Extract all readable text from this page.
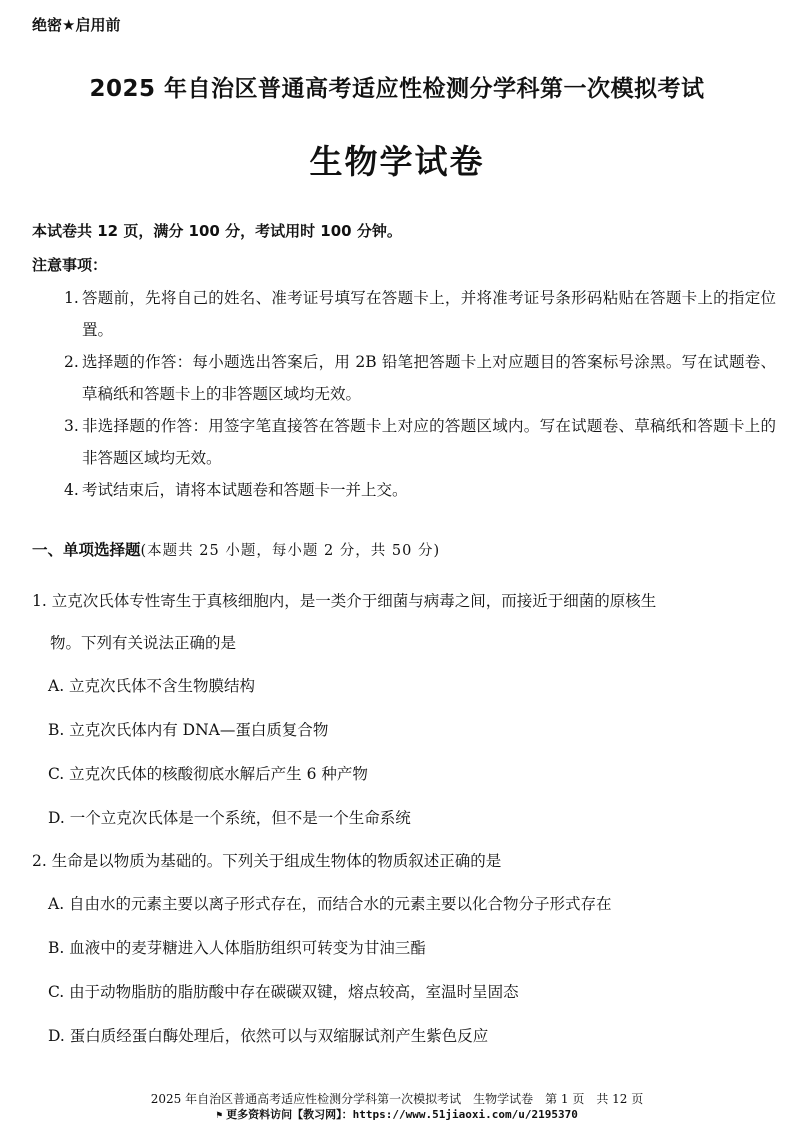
绝密★启用前
2025 年自治区普通高考适应性检测分学科第一次模拟考试
生物学试卷
本试卷共 12 页，满分 100 分，考试用时 100 分钟。
注意事项：
1. 答题前，先将自己的姓名、准考证号填写在答题卡上，并将准考证号条形码粘贴在答题卡上的指定位置。
2. 选择题的作答：每小题选出答案后，用 2B 铅笔把答题卡上对应题目的答案标号涂黑。写在试题卷、草稿纸和答题卡上的非答题区域均无效。
3. 非选择题的作答：用签字笔直接答在答题卡上对应的答题区域内。写在试题卷、草稿纸和答题卡上的非答题区域均无效。
4. 考试结束后，请将本试题卷和答题卡一并上交。
一、单项选择题(本题共 25 小题，每小题 2 分，共 50 分)
1. 立克次氏体专性寄生于真核细胞内，是一类介于细菌与病毒之间，而接近于细菌的原核生
物。下列有关说法正确的是
A. 立克次氏体不含生物膜结构
B. 立克次氏体内有 DNA—蛋白质复合物
C. 立克次氏体的核酸彻底水解后产生 6 种产物
D. 一个立克次氏体是一个系统，但不是一个生命系统
2. 生命是以物质为基础的。下列关于组成生物体的物质叙述正确的是
A. 自由水的元素主要以离子形式存在，而结合水的元素主要以化合物分子形式存在
B. 血液中的麦芽糖进入人体脂肪组织可转变为甘油三酯
C. 由于动物脂肪的脂肪酸中存在碳碳双键，熔点较高，室温时呈固态
D. 蛋白质经蛋白酶处理后，依然可以与双缩脲试剂产生紫色反应
2025 年自治区普通高考适应性检测分学科第一次模拟考试　生物学试卷　第 1 页　共 12 页
⚑ 更多资料访问【教习网】：https://www.51jiaoxi.com/u/2195370
